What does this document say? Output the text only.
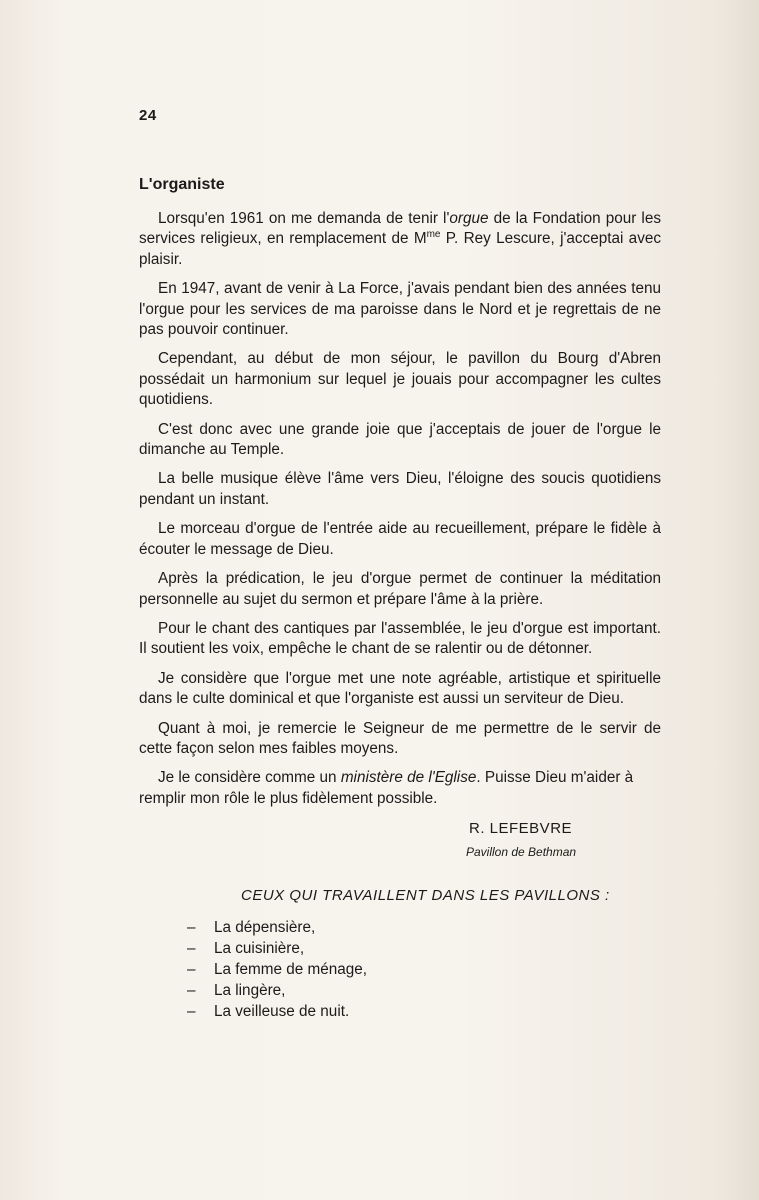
24
L'organiste

Lorsqu'en 1961 on me demanda de tenir l'orgue de la Fondation pour les services religieux, en remplacement de $M^{me}$ P. Rey Lescure, j'acceptai avec plaisir.

En 1947, avant de venir à La Force, j'avais pendant bien des années tenu l'orgue pour les services de ma paroisse dans le Nord et je regrettais de ne pas pouvoir continuer.

Cependant, au début de mon séjour, le pavillon du Bourg d'Abren possédait un harmonium sur lequel je jouais pour accompagner les cultes quotidiens.

C'est donc avec une grande joie que j'acceptais de jouer de l'orgue le dimanche au Temple.

La belle musique élève l'âme vers Dieu, l'éloigne des soucis quotidiens pendant un instant.

Le morceau d'orgue de l'entrée aide au recueillement, prépare le fidèle à écouter le message de Dieu.

Après la prédication, le jeu d'orgue permet de continuer la méditation personnelle au sujet du sermon et prépare l'âme à la prière.

Pour le chant des cantiques par l'assemblée, le jeu d'orgue est important. Il soutient les voix, empêche le chant de se ralentir ou de détonner.

Je considère que l'orgue met une note agréable, artistique et spirituelle dans le culte dominical et que l'organiste est aussi un serviteur de Dieu.

Quant à moi, je remercie le Seigneur de me permettre de le servir de cette façon selon mes faibles moyens.

Je le considère comme un ministère de l'Eglise. Puisse Dieu m'aider à remplir mon rôle le plus fidèlement possible.

R. LEFEBVRE
Pavillon de Bethman
CEUX QUI TRAVAILLENT DANS LES PAVILLONS :
– La dépensière,
– La cuisinière,
– La femme de ménage,
– La lingère,
– La veilleuse de nuit.
